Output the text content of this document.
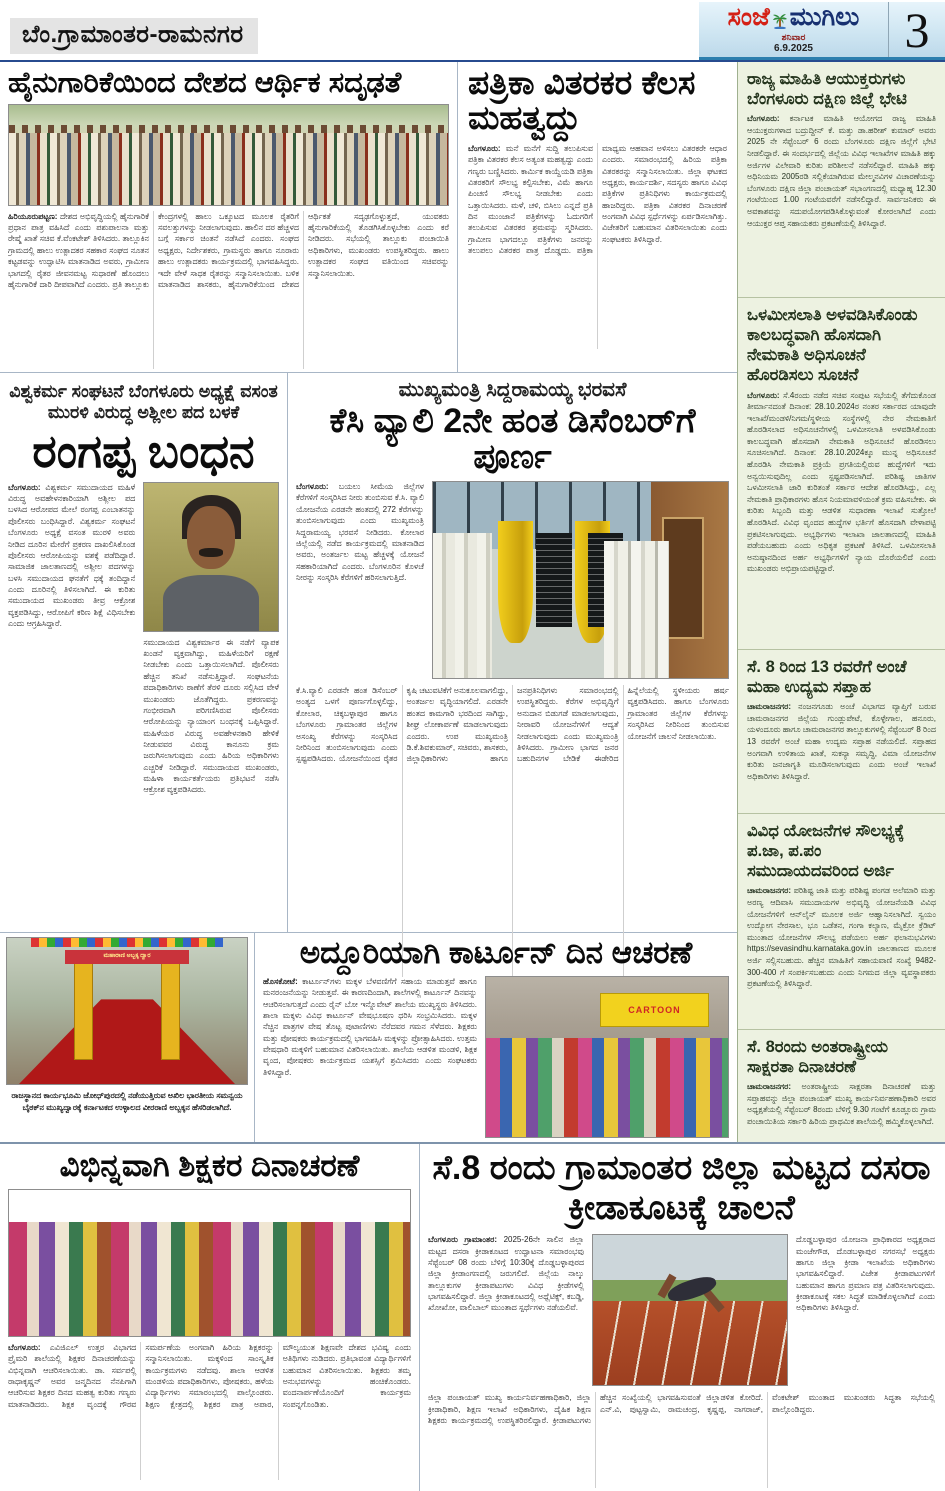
ಬೆಂ.ಗ್ರಾಮಾಂತರ-ರಾಮನಗರ
ಸಂಜೆ ಮುಗಿಲು
ಶನಿವಾರ
6.9.2025	3
ಹೈನುಗಾರಿಕೆಯಿಂದ ದೇಶದ ಆರ್ಥಿಕ ಸದೃಢತೆ
ಹಿರಿಯೂರುಪಟ್ಟಣ: ದೇಶದ ಅಭಿವೃದ್ಧಿಯಲ್ಲಿ ಹೈನುಗಾರಿಕೆ ಪ್ರಧಾನ ಪಾತ್ರ ವಹಿಸಿದೆ ಎಂದು ಪಶುಪಾಲನಾ ಮತ್ತು ರೇಷ್ಮೆ ಖಾತೆ ಸಚಿವ ಕೆ.ವೆಂಕಟೇಶ್ ತಿಳಿಸಿದರು. ತಾಲ್ಲೂಕಿನ ಗ್ರಾಮದಲ್ಲಿ ಹಾಲು ಉತ್ಪಾದಕರ ಸಹಕಾರ ಸಂಘದ ನೂತನ ಕಟ್ಟಡವನ್ನು ಉದ್ಘಾಟಿಸಿ ಮಾತನಾಡಿದ ಅವರು, ಗ್ರಾಮೀಣ ಭಾಗದಲ್ಲಿ ರೈತರ ಜೀವನಮಟ್ಟ ಸುಧಾರಣೆ ಹೊಂದಲು ಹೈನುಗಾರಿಕೆ ದಾರಿ ದೀಪವಾಗಿದೆ ಎಂದರು. ಪ್ರತಿ ತಾಲ್ಲೂಕು ಕೇಂದ್ರಗಳಲ್ಲಿ ಹಾಲು ಒಕ್ಕೂಟದ ಮೂಲಕ ರೈತರಿಗೆ ಸವಲತ್ತುಗಳನ್ನು ನೀಡಲಾಗುವುದು. ಹಾಲಿನ ದರ ಹೆಚ್ಚಳದ ಬಗ್ಗೆ ಸರ್ಕಾರ ಚಿಂತನೆ ನಡೆಸಿದೆ ಎಂದರು. ಸಂಘದ ಅಧ್ಯಕ್ಷರು, ನಿರ್ದೇಶಕರು, ಗ್ರಾಮಸ್ಥರು ಹಾಗೂ ನೂರಾರು ಹಾಲು ಉತ್ಪಾದಕರು ಕಾರ್ಯಕ್ರಮದಲ್ಲಿ ಭಾಗವಹಿಸಿದ್ದರು. ಇದೇ ವೇಳೆ ಸಾಧಕ ರೈತರನ್ನು ಸನ್ಮಾನಿಸಲಾಯಿತು. ಬಳಿಕ ಮಾತನಾಡಿದ ಶಾಸಕರು, ಹೈನುಗಾರಿಕೆಯಿಂದ ದೇಶದ ಆರ್ಥಿಕತೆ ಸದೃಢಗೊಳ್ಳುತ್ತದೆ, ಯುವಕರು ಹೈನುಗಾರಿಕೆಯಲ್ಲಿ ತೊಡಗಿಸಿಕೊಳ್ಳಬೇಕು ಎಂದು ಕರೆ ನೀಡಿದರು. ಸಭೆಯಲ್ಲಿ ತಾಲ್ಲೂಕು ಪಂಚಾಯಿತಿ ಅಧಿಕಾರಿಗಳು, ಮುಖಂಡರು ಉಪಸ್ಥಿತರಿದ್ದರು. ಹಾಲು ಉತ್ಪಾದಕರ ಸಂಘದ ವತಿಯಿಂದ ಸಚಿವರನ್ನು ಸನ್ಮಾನಿಸಲಾಯಿತು.
ಪತ್ರಿಕಾ ವಿತರಕರ ಕೆಲಸ ಮಹತ್ವದ್ದು
ಬೆಂಗಳೂರು: ಮನೆ ಮನೆಗೆ ಸುದ್ದಿ ತಲುಪಿಸುವ ಪತ್ರಿಕಾ ವಿತರಕರ ಕೆಲಸ ಅತ್ಯಂತ ಮಹತ್ವದ್ದು ಎಂದು ಗಣ್ಯರು ಬಣ್ಣಿಸಿದರು. ಕಾರ್ಮಿಕ ಕಾಯ್ದೆಯಡಿ ಪತ್ರಿಕಾ ವಿತರಕರಿಗೆ ಸೌಲಭ್ಯ ಕಲ್ಪಿಸಬೇಕು, ವಿಮೆ ಹಾಗೂ ಪಿಂಚಣಿ ಸೌಲಭ್ಯ ನೀಡಬೇಕು ಎಂದು ಒತ್ತಾಯಿಸಿದರು. ಮಳೆ, ಚಳಿ, ಬಿಸಿಲು ಎನ್ನದೆ ಪ್ರತಿ ದಿನ ಮುಂಜಾನೆ ಪತ್ರಿಕೆಗಳನ್ನು ಓದುಗರಿಗೆ ತಲುಪಿಸುವ ವಿತರಕರ ಶ್ರಮವನ್ನು ಸ್ಮರಿಸಿದರು. ಗ್ರಾಮೀಣ ಭಾಗದಲ್ಲೂ ಪತ್ರಿಕೆಗಳು ಜನರನ್ನು ತಲುಪಲು ವಿತರಕರ ಪಾತ್ರ ದೊಡ್ಡದು. ಪತ್ರಿಕಾ ಮಾಧ್ಯಮ ಆಹವಾನ ಅಳಿಸಲು ವಿತರಕರೇ ಆಧಾರ ಎಂದರು. ಸಮಾರಂಭದಲ್ಲಿ ಹಿರಿಯ ಪತ್ರಿಕಾ ವಿತರಕರನ್ನು ಸನ್ಮಾನಿಸಲಾಯಿತು. ಜಿಲ್ಲಾ ಘಟಕದ ಅಧ್ಯಕ್ಷರು, ಕಾರ್ಯದರ್ಶಿ, ಸದಸ್ಯರು ಹಾಗೂ ವಿವಿಧ ಪತ್ರಿಕೆಗಳ ಪ್ರತಿನಿಧಿಗಳು ಕಾರ್ಯಕ್ರಮದಲ್ಲಿ ಹಾಜರಿದ್ದರು. ಪತ್ರಿಕಾ ವಿತರಕರ ದಿನಾಚರಣೆ ಅಂಗವಾಗಿ ವಿವಿಧ ಸ್ಪರ್ಧೆಗಳನ್ನು ಏರ್ಪಡಿಸಲಾಗಿತ್ತು. ವಿಜೇತರಿಗೆ ಬಹುಮಾನ ವಿತರಿಸಲಾಯಿತು ಎಂದು ಸಂಘಟಕರು ತಿಳಿಸಿದ್ದಾರೆ.
ವಿಶ್ವಕರ್ಮ ಸಂಘಟನೆ ಬೆಂಗಳೂರು ಅಧ್ಯಕ್ಷೆ ವಸಂತ ಮುರಳಿ ವಿರುದ್ಧ ಅಶ್ಲೀಲ ಪದ ಬಳಕೆ
ರಂಗಪ್ಪ ಬಂಧನ
ಬೆಂಗಳೂರು: ವಿಶ್ವಕರ್ಮ ಸಮುದಾಯದ ಮಹಿಳೆ ವಿರುದ್ಧ ಅವಹೇಳನಕಾರಿಯಾಗಿ ಅಶ್ಲೀಲ ಪದ ಬಳಸಿದ ಆರೋಪದ ಮೇಲೆ ರಂಗಪ್ಪ ಎಂಬಾತನನ್ನು ಪೊಲೀಸರು ಬಂಧಿಸಿದ್ದಾರೆ. ವಿಶ್ವಕರ್ಮ ಸಂಘಟನೆ ಬೆಂಗಳೂರು ಅಧ್ಯಕ್ಷೆ ವಸಂತ ಮುರಳಿ ಅವರು ನೀಡಿದ ದೂರಿನ ಮೇರೆಗೆ ಪ್ರಕರಣ ದಾಖಲಿಸಿಕೊಂಡ ಪೊಲೀಸರು ಆರೋಪಿಯನ್ನು ವಶಕ್ಕೆ ಪಡೆದಿದ್ದಾರೆ. ಸಾಮಾಜಿಕ ಜಾಲತಾಣದಲ್ಲಿ ಅಶ್ಲೀಲ ಪದಗಳನ್ನು ಬಳಸಿ ಸಮುದಾಯದ ಘನತೆಗೆ ಧಕ್ಕೆ ತಂದಿದ್ದಾನೆ ಎಂದು ದೂರಿನಲ್ಲಿ ತಿಳಿಸಲಾಗಿದೆ. ಈ ಕುರಿತು ಸಮುದಾಯದ ಮುಖಂಡರು ತೀವ್ರ ಆಕ್ರೋಶ ವ್ಯಕ್ತಪಡಿಸಿದ್ದು, ಆರೋಪಿಗೆ ಕಠಿಣ ಶಿಕ್ಷೆ ವಿಧಿಸಬೇಕು ಎಂದು ಆಗ್ರಹಿಸಿದ್ದಾರೆ.
ಸಮುದಾಯದ ವಿಶ್ವಕರ್ಮಾರ ಈ ನಡೆಗೆ ವ್ಯಾಪಕ ಖಂಡನೆ ವ್ಯಕ್ತವಾಗಿದ್ದು, ಮಹಿಳೆಯರಿಗೆ ರಕ್ಷಣೆ ನೀಡಬೇಕು ಎಂದು ಒತ್ತಾಯಿಸಲಾಗಿದೆ. ಪೊಲೀಸರು ಹೆಚ್ಚಿನ ತನಿಖೆ ನಡೆಸುತ್ತಿದ್ದಾರೆ. ಸಂಘಟನೆಯ ಪದಾಧಿಕಾರಿಗಳು ಠಾಣೆಗೆ ತೆರಳಿ ದೂರು ಸಲ್ಲಿಸಿದ ವೇಳೆ ಮುಖಂಡರು ಜೊತೆಗಿದ್ದರು. ಪ್ರಕರಣವನ್ನು ಗಂಭೀರವಾಗಿ ಪರಿಗಣಿಸಿರುವ ಪೊಲೀಸರು ಆರೋಪಿಯನ್ನು ನ್ಯಾಯಾಂಗ ಬಂಧನಕ್ಕೆ ಒಪ್ಪಿಸಿದ್ದಾರೆ. ಮಹಿಳೆಯರ ವಿರುದ್ಧ ಅವಹೇಳನಕಾರಿ ಹೇಳಿಕೆ ನೀಡುವವರ ವಿರುದ್ಧ ಕಾನೂನು ಕ್ರಮ ಜರುಗಿಸಲಾಗುವುದು ಎಂದು ಹಿರಿಯ ಅಧಿಕಾರಿಗಳು ಎಚ್ಚರಿಕೆ ನೀಡಿದ್ದಾರೆ. ಸಮುದಾಯದ ಮುಖಂಡರು, ಮಹಿಳಾ ಕಾರ್ಯಕರ್ತೆಯರು ಪ್ರತಿಭಟನೆ ನಡೆಸಿ ಆಕ್ರೋಶ ವ್ಯಕ್ತಪಡಿಸಿದರು.
ಮುಖ್ಯಮಂತ್ರಿ ಸಿದ್ದರಾಮಯ್ಯ ಭರವಸೆ
ಕೆಸಿ ವ್ಯಾಲಿ 2ನೇ ಹಂತ ಡಿಸೆಂಬರ್‌ಗೆ ಪೂರ್ಣ
ಬೆಂಗಳೂರು: ಬಯಲು ಸೀಮೆಯ ಜಿಲ್ಲೆಗಳ ಕೆರೆಗಳಿಗೆ ಸಂಸ್ಕರಿಸಿದ ನೀರು ತುಂಬಿಸುವ ಕೆ.ಸಿ. ವ್ಯಾಲಿ ಯೋಜನೆಯ ಎರಡನೇ ಹಂತದಲ್ಲಿ 272 ಕೆರೆಗಳನ್ನು ತುಂಬಿಸಲಾಗುವುದು ಎಂದು ಮುಖ್ಯಮಂತ್ರಿ ಸಿದ್ದರಾಮಯ್ಯ ಭರವಸೆ ನೀಡಿದರು. ಕೋಲಾರ ಜಿಲ್ಲೆಯಲ್ಲಿ ನಡೆದ ಕಾರ್ಯಕ್ರಮದಲ್ಲಿ ಮಾತನಾಡಿದ ಅವರು, ಅಂತರ್ಜಲ ಮಟ್ಟ ಹೆಚ್ಚಳಕ್ಕೆ ಯೋಜನೆ ಸಹಕಾರಿಯಾಗಿದೆ ಎಂದರು. ಬೆಂಗಳೂರಿನ ಕೊಳಚೆ ನೀರನ್ನು ಸಂಸ್ಕರಿಸಿ ಕೆರೆಗಳಿಗೆ ಹರಿಸಲಾಗುತ್ತಿದೆ.
ಕೆ.ಸಿ.ವ್ಯಾಲಿ ಎರಡನೇ ಹಂತ ಡಿಸೆಂಬರ್ ಅಂತ್ಯದ ಒಳಗೆ ಪೂರ್ಣಗೊಳ್ಳಲಿದ್ದು, ಕೋಲಾರ, ಚಿಕ್ಕಬಳ್ಳಾಪುರ ಹಾಗೂ ಬೆಂಗಳೂರು ಗ್ರಾಮಾಂತರ ಜಿಲ್ಲೆಗಳ ಅಸಂಖ್ಯ ಕೆರೆಗಳನ್ನು ಸಂಸ್ಕರಿಸಿದ ನೀರಿನಿಂದ ತುಂಬಿಸಲಾಗುವುದು ಎಂದು ಸ್ಪಷ್ಟಪಡಿಸಿದರು. ಯೋಜನೆಯಿಂದ ರೈತರ ಕೃಷಿ ಚಟುವಟಿಕೆಗೆ ಅನುಕೂಲವಾಗಲಿದ್ದು, ಅಂತರ್ಜಲ ವೃದ್ಧಿಯಾಗಲಿದೆ. ಎರಡನೇ ಹಂತದ ಕಾಮಗಾರಿ ಭರದಿಂದ ಸಾಗಿದ್ದು, ಶೀಘ್ರ ಲೋಕಾರ್ಪಣೆ ಮಾಡಲಾಗುವುದು ಎಂದರು. ಉಪ ಮುಖ್ಯಮಂತ್ರಿ ಡಿ.ಕೆ.ಶಿವಕುಮಾರ್, ಸಚಿವರು, ಶಾಸಕರು, ಜಿಲ್ಲಾಧಿಕಾರಿಗಳು ಹಾಗೂ ಜನಪ್ರತಿನಿಧಿಗಳು ಸಮಾರಂಭದಲ್ಲಿ ಉಪಸ್ಥಿತರಿದ್ದರು. ಕೆರೆಗಳ ಅಭಿವೃದ್ಧಿಗೆ ಅನುದಾನ ಬಿಡುಗಡೆ ಮಾಡಲಾಗುವುದು, ನೀರಾವರಿ ಯೋಜನೆಗಳಿಗೆ ಆದ್ಯತೆ ನೀಡಲಾಗುವುದು ಎಂದು ಮುಖ್ಯಮಂತ್ರಿ ತಿಳಿಸಿದರು. ಗ್ರಾಮೀಣ ಭಾಗದ ಜನರ ಬಹುದಿನಗಳ ಬೇಡಿಕೆ ಈಡೇರಿದ ಹಿನ್ನೆಲೆಯಲ್ಲಿ ಸ್ಥಳೀಯರು ಹರ್ಷ ವ್ಯಕ್ತಪಡಿಸಿದರು. ಹಾಗೂ ಬೆಂಗಳೂರು ಗ್ರಾಮಾಂತರ ಜಿಲ್ಲೆಗಳ ಕೆರೆಗಳನ್ನು ಸಂಸ್ಕರಿಸಿದ ನೀರಿನಿಂದ ತುಂಬಿಸುವ ಯೋಜನೆಗೆ ಚಾಲನೆ ನೀಡಲಾಯಿತು.
ಮಹಾರಾಣಿ ಅಬ್ಬಕ್ಕ ದ್ವಾರ
ರಾಜಸ್ಥಾನದ ಕಾರ್ಯಭೂಮಿ ಜೋಧ್‌ಪುರದಲ್ಲಿ ನಡೆಯುತ್ತಿರುವ ಅಖಿಲ ಭಾರತೀಯ ಸಮನ್ವಯ ಬೈಠಕ್‌ನ ಮುಖ್ಯದ್ವಾರಕ್ಕೆ ಕರ್ನಾಟಕದ ಉಳ್ಳಾಲದ ವೀರರಾಣಿ ಅಬ್ಬಕ್ಕನ ಹೆಸರಿಡಲಾಗಿದೆ.
ಅದ್ದೂರಿಯಾಗಿ ಕಾರ್ಟೂನ್ ದಿನ ಆಚರಣೆ
ಹೊಸಕೋಟೆ: ಕಾರ್ಟೂನ್‌ಗಳು ಮಕ್ಕಳ ಬೆಳವಣಿಗೆಗೆ ಸಹಾಯ ಮಾಡುತ್ತವೆ ಹಾಗೂ ಮನರಂಜನೆಯನ್ನು ನೀಡುತ್ತವೆ. ಈ ಕಾರಣದಿಂದಾಗಿ, ಶಾಲೆಗಳಲ್ಲಿ ಕಾರ್ಟೂನ್ ದಿನವನ್ನು ಆಚರಿಸಲಾಗುತ್ತದೆ ಎಂದು ರೈನ್ ಬೋ ಇನ್ನೊವೇಟ್ ಶಾಲೆಯ ಮುಖ್ಯಸ್ಥರು ತಿಳಿಸಿದರು. ಶಾಲಾ ಮಕ್ಕಳು ವಿವಿಧ ಕಾರ್ಟೂನ್ ವೇಷಭೂಷಣ ಧರಿಸಿ ಸಂಭ್ರಮಿಸಿದರು. ಮಕ್ಕಳ ನೆಚ್ಚಿನ ಪಾತ್ರಗಳ ವೇಷ ತೊಟ್ಟ ಪುಟಾಣಿಗಳು ನೆರೆದವರ ಗಮನ ಸೆಳೆದರು. ಶಿಕ್ಷಕರು ಮತ್ತು ಪೋಷಕರು ಕಾರ್ಯಕ್ರಮದಲ್ಲಿ ಭಾಗವಹಿಸಿ ಮಕ್ಕಳನ್ನು ಪ್ರೋತ್ಸಾಹಿಸಿದರು. ಉತ್ತಮ ವೇಷಧಾರಿ ಮಕ್ಕಳಿಗೆ ಬಹುಮಾನ ವಿತರಿಸಲಾಯಿತು. ಶಾಲೆಯ ಆಡಳಿತ ಮಂಡಳಿ, ಶಿಕ್ಷಕ ವೃಂದ, ಪೋಷಕರು ಕಾರ್ಯಕ್ರಮದ ಯಶಸ್ಸಿಗೆ ಶ್ರಮಿಸಿದರು ಎಂದು ಸಂಘಟಕರು ತಿಳಿಸಿದ್ದಾರೆ.
CARTOON
ರಾಜ್ಯ ಮಾಹಿತಿ ಆಯುಕ್ತರುಗಳು ಬೆಂಗಳೂರು ದಕ್ಷಿಣ ಜಿಲ್ಲೆ ಭೇಟಿ
ಬೆಂಗಳೂರು: ಕರ್ನಾಟಕ ಮಾಹಿತಿ ಆಯೋಗದ ರಾಜ್ಯ ಮಾಹಿತಿ ಆಯುಕ್ತರುಗಳಾದ ಬದ್ರುದ್ದೀನ್ ಕೆ. ಮತ್ತು ಡಾ.ಹರೀಶ್ ಕುಮಾರ್ ಅವರು 2025 ನೇ ಸೆಪ್ಟೆಂಬರ್ 6 ರಂದು ಬೆಂಗಳೂರು ದಕ್ಷಿಣ ಜಿಲ್ಲೆಗೆ ಭೇಟಿ ನೀಡಲಿದ್ದಾರೆ. ಈ ಸಂದರ್ಭದಲ್ಲಿ ಜಿಲ್ಲೆಯ ವಿವಿಧ ಇಲಾಖೆಗಳ ಮಾಹಿತಿ ಹಕ್ಕು ಅರ್ಜಿಗಳ ವಿಲೇವಾರಿ ಕುರಿತು ಪರಿಶೀಲನೆ ನಡೆಸಲಿದ್ದಾರೆ. ಮಾಹಿತಿ ಹಕ್ಕು ಅಧಿನಿಯಮ 2005ರಡಿ ಸಲ್ಲಿಕೆಯಾಗಿರುವ ಮೇಲ್ಮನವಿಗಳ ವಿಚಾರಣೆಯನ್ನು ಬೆಂಗಳೂರು ದಕ್ಷಿಣ ಜಿಲ್ಲಾ ಪಂಚಾಯತ್ ಸಭಾಂಗಣದಲ್ಲಿ ಮಧ್ಯಾಹ್ನ 12.30 ಗಂಟೆಯಿಂದ 1.00 ಗಂಟೆಯವರೆಗೆ ನಡೆಸಲಿದ್ದಾರೆ. ಸಾರ್ವಜನಿಕರು ಈ ಅವಕಾಶವನ್ನು ಸದುಪಯೋಗಪಡಿಸಿಕೊಳ್ಳುವಂತೆ ಕೋರಲಾಗಿದೆ ಎಂದು ಆಯುಕ್ತರ ಆಪ್ತ ಸಹಾಯಕರು ಪ್ರಕಟಣೆಯಲ್ಲಿ ತಿಳಿಸಿದ್ದಾರೆ.
ಒಳಮೀಸಲಾತಿ ಅಳವಡಿಸಿಕೊಂಡು ಕಾಲಬದ್ಧವಾಗಿ ಹೊಸದಾಗಿ ನೇಮಕಾತಿ ಅಧಿಸೂಚನೆ ಹೊರಡಿಸಲು ಸೂಚನೆ
ಬೆಂಗಳೂರು: ಸೆ.4ರಂದು ನಡೆದ ಸಚಿವ ಸಂಪುಟ ಸಭೆಯಲ್ಲಿ ತೆಗೆದುಕೊಂಡ ತೀರ್ಮಾನದಂತೆ ದಿನಾಂಕ: 28.10.2024ರ ನಂತರ ಸರ್ಕಾರದ ಯಾವುದೇ ಇಲಾಖೆ/ಮಂಡಳಿ/ನಿಗಮ/ಸ್ಥಳೀಯ ಸಂಸ್ಥೆಗಳಲ್ಲಿ ನೇರ ನೇಮಕಾತಿಗೆ ಹೊರಡಿಸಲಾದ ಅಧಿಸೂಚನೆಗಳಲ್ಲಿ ಒಳಮೀಸಲಾತಿ ಅಳವಡಿಸಿಕೊಂಡು ಕಾಲಬದ್ಧವಾಗಿ ಹೊಸದಾಗಿ ನೇಮಕಾತಿ ಅಧಿಸೂಚನೆ ಹೊರಡಿಸಲು ಸೂಚಿಸಲಾಗಿದೆ. ದಿನಾಂಕ: 28.10.2024ಕ್ಕೂ ಮುನ್ನ ಅಧಿಸೂಚನೆ ಹೊರಡಿಸಿ ನೇಮಕಾತಿ ಪ್ರಕ್ರಿಯೆ ಪ್ರಗತಿಯಲ್ಲಿರುವ ಹುದ್ದೆಗಳಿಗೆ ಇದು ಅನ್ವಯಿಸುವುದಿಲ್ಲ ಎಂದು ಸ್ಪಷ್ಟಪಡಿಸಲಾಗಿದೆ. ಪರಿಶಿಷ್ಟ ಜಾತಿಗಳ ಒಳಮೀಸಲಾತಿ ಜಾರಿ ಕುರಿತಂತೆ ಸರ್ಕಾರ ಆದೇಶ ಹೊರಡಿಸಿದ್ದು, ಎಲ್ಲ ನೇಮಕಾತಿ ಪ್ರಾಧಿಕಾರಗಳು ಹೊಸ ನಿಯಮಾವಳಿಯಂತೆ ಕ್ರಮ ವಹಿಸಬೇಕು. ಈ ಕುರಿತು ಸಿಬ್ಬಂದಿ ಮತ್ತು ಆಡಳಿತ ಸುಧಾರಣಾ ಇಲಾಖೆ ಸುತ್ತೋಲೆ ಹೊರಡಿಸಿದೆ. ವಿವಿಧ ವೃಂದದ ಹುದ್ದೆಗಳ ಭರ್ತಿಗೆ ಹೊಸದಾಗಿ ವೇಳಾಪಟ್ಟಿ ಪ್ರಕಟಿಸಲಾಗುವುದು. ಅಭ್ಯರ್ಥಿಗಳು ಇಲಾಖಾ ಜಾಲತಾಣದಲ್ಲಿ ಮಾಹಿತಿ ಪಡೆಯಬಹುದು ಎಂದು ಅಧಿಕೃತ ಪ್ರಕಟಣೆ ತಿಳಿಸಿದೆ. ಒಳಮೀಸಲಾತಿ ಅನುಷ್ಠಾನದಿಂದ ಅರ್ಹ ಅಭ್ಯರ್ಥಿಗಳಿಗೆ ನ್ಯಾಯ ದೊರೆಯಲಿದೆ ಎಂದು ಮುಖಂಡರು ಅಭಿಪ್ರಾಯಪಟ್ಟಿದ್ದಾರೆ.
ಸೆ. 8 ರಿಂದ 13 ರವರೆಗೆ ಅಂಚೆ ಮಹಾ ಉದ್ಯಮ ಸಪ್ತಾಹ
ಚಾಮರಾಜನಗರ: ನಂಜನಗೂಡು ಅಂಚೆ ವಿಭಾಗದ ವ್ಯಾಪ್ತಿಗೆ ಬರುವ ಚಾಮರಾಜನಗರ ಜಿಲ್ಲೆಯ ಗುಂಡ್ಲುಪೇಟೆ, ಕೊಳ್ಳೇಗಾಲ, ಹನೂರು, ಯಳಂದೂರು ಹಾಗೂ ಚಾಮರಾಜನಗರ ತಾಲ್ಲೂಕುಗಳಲ್ಲಿ ಸೆಪ್ಟೆಂಬರ್ 8 ರಿಂದ 13 ರವರೆಗೆ ಅಂಚೆ ಮಹಾ ಉದ್ಯಮ ಸಪ್ತಾಹ ನಡೆಯಲಿದೆ. ಸಪ್ತಾಹದ ಅಂಗವಾಗಿ ಉಳಿತಾಯ ಖಾತೆ, ಸುಕನ್ಯಾ ಸಮೃದ್ಧಿ, ವಿಮಾ ಯೋಜನೆಗಳ ಕುರಿತು ಜನಜಾಗೃತಿ ಮೂಡಿಸಲಾಗುವುದು ಎಂದು ಅಂಚೆ ಇಲಾಖೆ ಅಧಿಕಾರಿಗಳು ತಿಳಿಸಿದ್ದಾರೆ.
ವಿವಿಧ ಯೋಜನೆಗಳ ಸೌಲಭ್ಯಕ್ಕೆ ಪ.ಜಾ, ಪ.ಪಂ ಸಮುದಾಯದವರಿಂದ ಅರ್ಜಿ
ಚಾಮರಾಜನಗರ: ಪರಿಶಿಷ್ಟ ಜಾತಿ ಮತ್ತು ಪರಿಶಿಷ್ಟ ಪಂಗಡ ಅಲೆಮಾರಿ ಮತ್ತು ಅರಣ್ಯ ಆದಿವಾಸಿ ಸಮುದಾಯಗಳ ಅಭಿವೃದ್ಧಿ ಯೋಜನೆಯಡಿ ವಿವಿಧ ಯೋಜನೆಗಳಿಗೆ ಆನ್‌ಲೈನ್ ಮೂಲಕ ಅರ್ಜಿ ಆಹ್ವಾನಿಸಲಾಗಿದೆ. ಸ್ವಯಂ ಉದ್ಯೋಗ ನೇರಸಾಲ, ಭೂ ಒಡೆತನ, ಗಂಗಾ ಕಲ್ಯಾಣ, ಮೈಕ್ರೋ ಕ್ರೆಡಿಟ್ ಮುಂತಾದ ಯೋಜನೆಗಳ ಸೌಲಭ್ಯ ಪಡೆಯಲು ಅರ್ಹ ಫಲಾನುಭವಿಗಳು https://sevasindhu.karnataka.gov.in ಜಾಲತಾಣದ ಮೂಲಕ ಅರ್ಜಿ ಸಲ್ಲಿಸಬಹುದು. ಹೆಚ್ಚಿನ ಮಾಹಿತಿಗೆ ಸಹಾಯವಾಣಿ ಸಂಖ್ಯೆ 9482-300-400 ಗೆ ಸಂಪರ್ಕಿಸಬಹುದು ಎಂದು ನಿಗಮದ ಜಿಲ್ಲಾ ವ್ಯವಸ್ಥಾಪಕರು ಪ್ರಕಟಣೆಯಲ್ಲಿ ತಿಳಿಸಿದ್ದಾರೆ.
ಸೆ. 8ರಂದು ಅಂತರಾಷ್ಟ್ರೀಯ ಸಾಕ್ಷರತಾ ದಿನಾಚರಣೆ
ಚಾಮರಾಜನಗರ: ಅಂತರಾಷ್ಟ್ರೀಯ ಸಾಕ್ಷರತಾ ದಿನಾಚರಣೆ ಮತ್ತು ಸಪ್ತಾಹವನ್ನು ಜಿಲ್ಲಾ ಪಂಚಾಯತ್ ಮುಖ್ಯ ಕಾರ್ಯನಿರ್ವಹಣಾಧಿಕಾರಿ ಅವರ ಅಧ್ಯಕ್ಷತೆಯಲ್ಲಿ ಸೆಪ್ಟೆಂಬರ್ 8ರಂದು ಬೆಳಿಗ್ಗೆ 9.30 ಗಂಟೆಗೆ ಕೂಡ್ಲೂರು ಗ್ರಾಮ ಪಂಚಾಯಿತಿಯ ಸರ್ಕಾರಿ ಹಿರಿಯ ಪ್ರಾಥಮಿಕ ಶಾಲೆಯಲ್ಲಿ ಹಮ್ಮಿಕೊಳ್ಳಲಾಗಿದೆ.
ವಿಭಿನ್ನವಾಗಿ ಶಿಕ್ಷಕರ ದಿನಾಚರಣೆ
ಬೆಂಗಳೂರು: ಎವಿಜಿಎಲ್ ಉತ್ತರ ವಿಭಾಗದ ಪ್ರೈಮರಿ ಶಾಲೆಯಲ್ಲಿ ಶಿಕ್ಷಕರ ದಿನಾಚರಣೆಯನ್ನು ವಿಭಿನ್ನವಾಗಿ ಆಚರಿಸಲಾಯಿತು. ಡಾ. ಸರ್ವಪಲ್ಲಿ ರಾಧಾಕೃಷ್ಣನ್ ಅವರ ಜನ್ಮದಿನದ ನೆನಪಿಗಾಗಿ ಆಚರಿಸುವ ಶಿಕ್ಷಕರ ದಿನದ ಮಹತ್ವ ಕುರಿತು ಗಣ್ಯರು ಮಾತನಾಡಿದರು. ಶಿಕ್ಷಕ ವೃಂದಕ್ಕೆ ಗೌರವ ಸಮರ್ಪಣೆಯ ಅಂಗವಾಗಿ ಹಿರಿಯ ಶಿಕ್ಷಕರನ್ನು ಸನ್ಮಾನಿಸಲಾಯಿತು. ಮಕ್ಕಳಿಂದ ಸಾಂಸ್ಕೃತಿಕ ಕಾರ್ಯಕ್ರಮಗಳು ನಡೆದವು. ಶಾಲಾ ಆಡಳಿತ ಮಂಡಳಿಯ ಪದಾಧಿಕಾರಿಗಳು, ಪೋಷಕರು, ಹಳೆಯ ವಿದ್ಯಾರ್ಥಿಗಳು ಸಮಾರಂಭದಲ್ಲಿ ಪಾಲ್ಗೊಂಡರು. ಶಿಕ್ಷಣ ಕ್ಷೇತ್ರದಲ್ಲಿ ಶಿಕ್ಷಕರ ಪಾತ್ರ ಅಪಾರ, ಮೌಲ್ಯಯುತ ಶಿಕ್ಷಣವೇ ದೇಶದ ಭವಿಷ್ಯ ಎಂದು ಅತಿಥಿಗಳು ನುಡಿದರು. ಪ್ರತಿಭಾವಂತ ವಿದ್ಯಾರ್ಥಿಗಳಿಗೆ ಬಹುಮಾನ ವಿತರಿಸಲಾಯಿತು. ಶಿಕ್ಷಕರು ತಮ್ಮ ಅನುಭವಗಳನ್ನು ಹಂಚಿಕೊಂಡರು. ವಂದನಾರ್ಪಣೆಯೊಂದಿಗೆ ಕಾರ್ಯಕ್ರಮ ಸಂಪನ್ನಗೊಂಡಿತು.
ಸೆ.8 ರಂದು ಗ್ರಾಮಾಂತರ ಜಿಲ್ಲಾ ಮಟ್ಟದ ದಸರಾ ಕ್ರೀಡಾಕೂಟಕ್ಕೆ ಚಾಲನೆ
ಬೆಂಗಳೂರು ಗ್ರಾಮಾಂತರ: 2025-26ನೇ ಸಾಲಿನ ಜಿಲ್ಲಾ ಮಟ್ಟದ ದಸರಾ ಕ್ರೀಡಾಕೂಟದ ಉದ್ಘಾಟನಾ ಸಮಾರಂಭವು ಸೆಪ್ಟೆಂಬರ್ 08 ರಂದು ಬೆಳಿಗ್ಗೆ 10:30ಕ್ಕೆ ದೊಡ್ಡಬಳ್ಳಾಪುರದ ಜಿಲ್ಲಾ ಕ್ರೀಡಾಂಗಣದಲ್ಲಿ ಜರುಗಲಿದೆ. ಜಿಲ್ಲೆಯ ನಾಲ್ಕು ತಾಲ್ಲೂಕುಗಳ ಕ್ರೀಡಾಪಟುಗಳು ವಿವಿಧ ಕ್ರೀಡೆಗಳಲ್ಲಿ ಭಾಗವಹಿಸಲಿದ್ದಾರೆ. ಜಿಲ್ಲಾ ಕ್ರೀಡಾಕೂಟದಲ್ಲಿ ಅಥ್ಲೆಟಿಕ್ಸ್, ಕಬಡ್ಡಿ, ಖೋಖೋ, ವಾಲಿಬಾಲ್ ಮುಂತಾದ ಸ್ಪರ್ಧೆಗಳು ನಡೆಯಲಿವೆ.
ದೊಡ್ಡಬಳ್ಳಾಪುರ ಯೋಜನಾ ಪ್ರಾಧಿಕಾರದ ಅಧ್ಯಕ್ಷರಾದ ಮಂಜೇಗೌಡ, ದೊಡಬಳ್ಳಾಪುರ ನಗರಸಭೆ ಅಧ್ಯಕ್ಷರು ಹಾಗೂ ಜಿಲ್ಲಾ ಕ್ರೀಡಾ ಇಲಾಖೆಯ ಅಧಿಕಾರಿಗಳು ಭಾಗವಹಿಸಲಿದ್ದಾರೆ. ವಿಜೇತ ಕ್ರೀಡಾಪಟುಗಳಿಗೆ ಬಹುಮಾನ ಹಾಗೂ ಪ್ರಮಾಣ ಪತ್ರ ವಿತರಿಸಲಾಗುವುದು. ಕ್ರೀಡಾಕೂಟಕ್ಕೆ ಸಕಲ ಸಿದ್ಧತೆ ಮಾಡಿಕೊಳ್ಳಲಾಗಿದೆ ಎಂದು ಅಧಿಕಾರಿಗಳು ತಿಳಿಸಿದ್ದಾರೆ.
ಜಿಲ್ಲಾ ಪಂಚಾಯತ್ ಮುಖ್ಯ ಕಾರ್ಯನಿರ್ವಹಣಾಧಿಕಾರಿ, ಜಿಲ್ಲಾ ಕ್ರೀಡಾಧಿಕಾರಿ, ಶಿಕ್ಷಣ ಇಲಾಖೆ ಅಧಿಕಾರಿಗಳು, ದೈಹಿಕ ಶಿಕ್ಷಣ ಶಿಕ್ಷಕರು ಕಾರ್ಯಕ್ರಮದಲ್ಲಿ ಉಪಸ್ಥಿತರಿರಲಿದ್ದಾರೆ. ಕ್ರೀಡಾಪಟುಗಳು ಹೆಚ್ಚಿನ ಸಂಖ್ಯೆಯಲ್ಲಿ ಭಾಗವಹಿಸುವಂತೆ ಜಿಲ್ಲಾಡಳಿತ ಕೋರಿದೆ. ಎನ್.ವಿ, ಪುಟ್ಟಸ್ವಾಮಿ, ರಾಮಚಂದ್ರ, ಕೃಷ್ಣಪ್ಪ, ನಾಗರಾಜ್, ವೆಂಕಟೇಶ್ ಮುಂತಾದ ಮುಖಂಡರು ಸಿದ್ಧತಾ ಸಭೆಯಲ್ಲಿ ಪಾಲ್ಗೊಂಡಿದ್ದರು.
